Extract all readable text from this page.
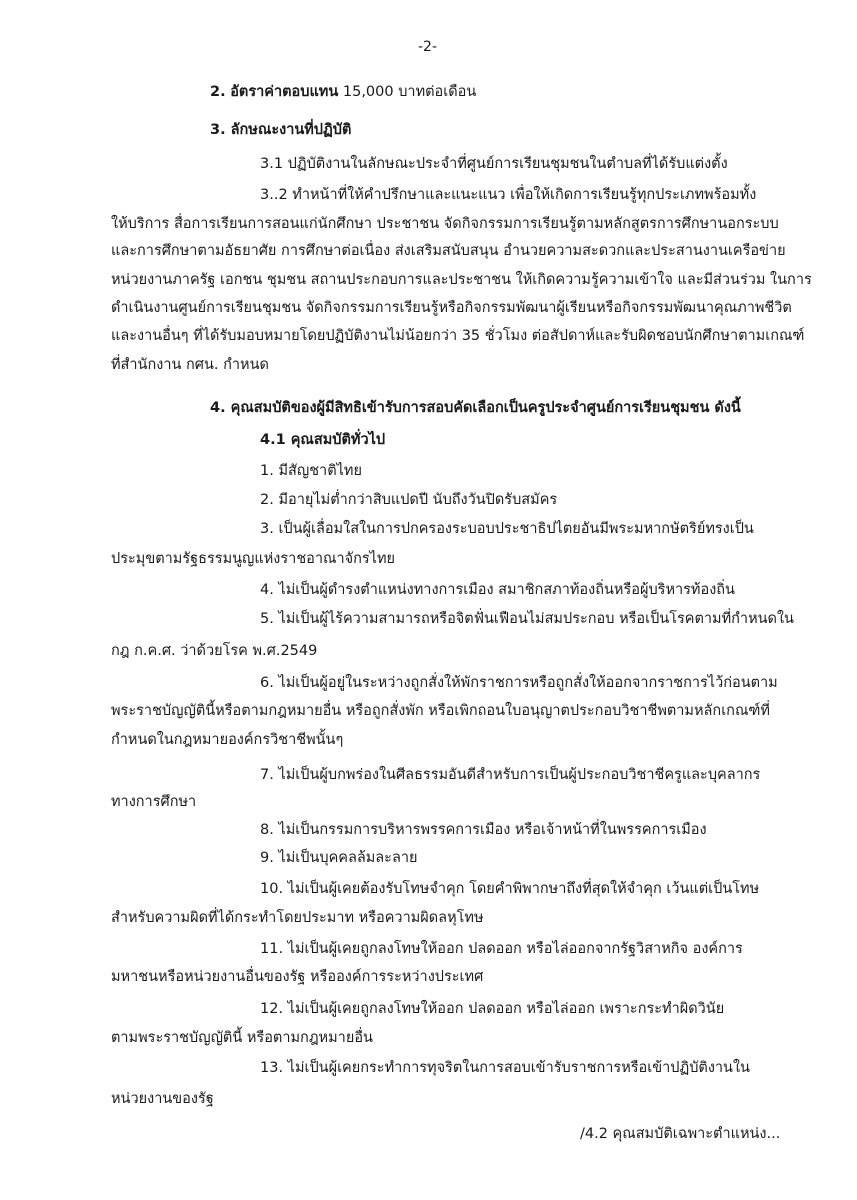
-2-
2. อัตราค่าตอบแทน 15,000 บาทต่อเดือน
3. ลักษณะงานที่ปฏิบัติ
3.1 ปฏิบัติงานในลักษณะประจำที่ศูนย์การเรียนชุมชนในตำบลที่ได้รับแต่งตั้ง
3..2 ทำหน้าที่ให้คำปรึกษาและแนะแนว เพื่อให้เกิดการเรียนรู้ทุกประเภทพร้อมทั้ง
ให้บริการ สื่อการเรียนการสอนแก่นักศึกษา ประชาชน จัดกิจกรรมการเรียนรู้ตามหลักสูตรการศึกษานอกระบบ
และการศึกษาตามอัธยาศัย การศึกษาต่อเนื่อง ส่งเสริมสนับสนุน อำนวยความสะดวกและประสานงานเครือข่าย
หน่วยงานภาครัฐ เอกชน ชุมชน สถานประกอบการและประชาชน ให้เกิดความรู้ความเข้าใจ และมีส่วนร่วม ในการ
ดำเนินงานศูนย์การเรียนชุมชน จัดกิจกรรมการเรียนรู้หรือกิจกรรมพัฒนาผู้เรียนหรือกิจกรรมพัฒนาคุณภาพชีวิต
และงานอื่นๆ ที่ได้รับมอบหมายโดยปฏิบัติงานไม่น้อยกว่า 35 ชั่วโมง ต่อสัปดาห์และรับผิดชอบนักศึกษาตามเกณฑ์
ที่สำนักงาน กศน. กำหนด
4. คุณสมบัติของผู้มีสิทธิเข้ารับการสอบคัดเลือกเป็นครูประจำศูนย์การเรียนชุมชน ดังนี้
4.1 คุณสมบัติทั่วไป
1. มีสัญชาติไทย
2. มีอายุไม่ต่ำกว่าสิบแปดปี นับถึงวันปิดรับสมัคร
3. เป็นผู้เลื่อมใสในการปกครองระบอบประชาธิปไตยอันมีพระมหากษัตริย์ทรงเป็น
ประมุขตามรัฐธรรมนูญแห่งราชอาณาจักรไทย
4. ไม่เป็นผู้ดำรงตำแหน่งทางการเมือง สมาชิกสภาท้องถิ่นหรือผู้บริหารท้องถิ่น
5. ไม่เป็นผู้ไร้ความสามารถหรือจิตฟั่นเฟือนไม่สมประกอบ หรือเป็นโรคตามที่กำหนดใน
กฎ ก.ค.ศ. ว่าด้วยโรค พ.ศ.2549
6. ไม่เป็นผู้อยู่ในระหว่างถูกสั่งให้พักราชการหรือถูกสั่งให้ออกจากราชการไว้ก่อนตาม
พระราชบัญญัตินี้หรือตามกฎหมายอื่น หรือถูกสั่งพัก หรือเพิกถอนใบอนุญาตประกอบวิชาชีพตามหลักเกณฑ์ที่
กำหนดในกฎหมายองค์กรวิชาชีพนั้นๆ
7. ไม่เป็นผู้บกพร่องในศีลธรรมอันดีสำหรับการเป็นผู้ประกอบวิชาชีครูและบุคลากร
ทางการศึกษา
8. ไม่เป็นกรรมการบริหารพรรคการเมือง หรือเจ้าหน้าที่ในพรรคการเมือง
9. ไม่เป็นบุคคลล้มละลาย
10. ไม่เป็นผู้เคยต้องรับโทษจำคุก โดยคำพิพากษาถึงที่สุดให้จำคุก เว้นแต่เป็นโทษ
สำหรับความผิดที่ได้กระทำโดยประมาท หรือความผิดลหุโทษ
11. ไม่เป็นผู้เคยถูกลงโทษให้ออก ปลดออก หรือไล่ออกจากรัฐวิสาหกิจ องค์การ
มหาชนหรือหน่วยงานอื่นของรัฐ หรือองค์การระหว่างประเทศ
12. ไม่เป็นผู้เคยถูกลงโทษให้ออก ปลดออก หรือไล่ออก เพราะกระทำผิดวินัย
ตามพระราชบัญญัตินี้ หรือตามกฎหมายอื่น
13. ไม่เป็นผู้เคยกระทำการทุจริตในการสอบเข้ารับราชการหรือเข้าปฏิบัติงานใน
หน่วยงานของรัฐ
/4.2 คุณสมบัติเฉพาะตำแหน่ง...
